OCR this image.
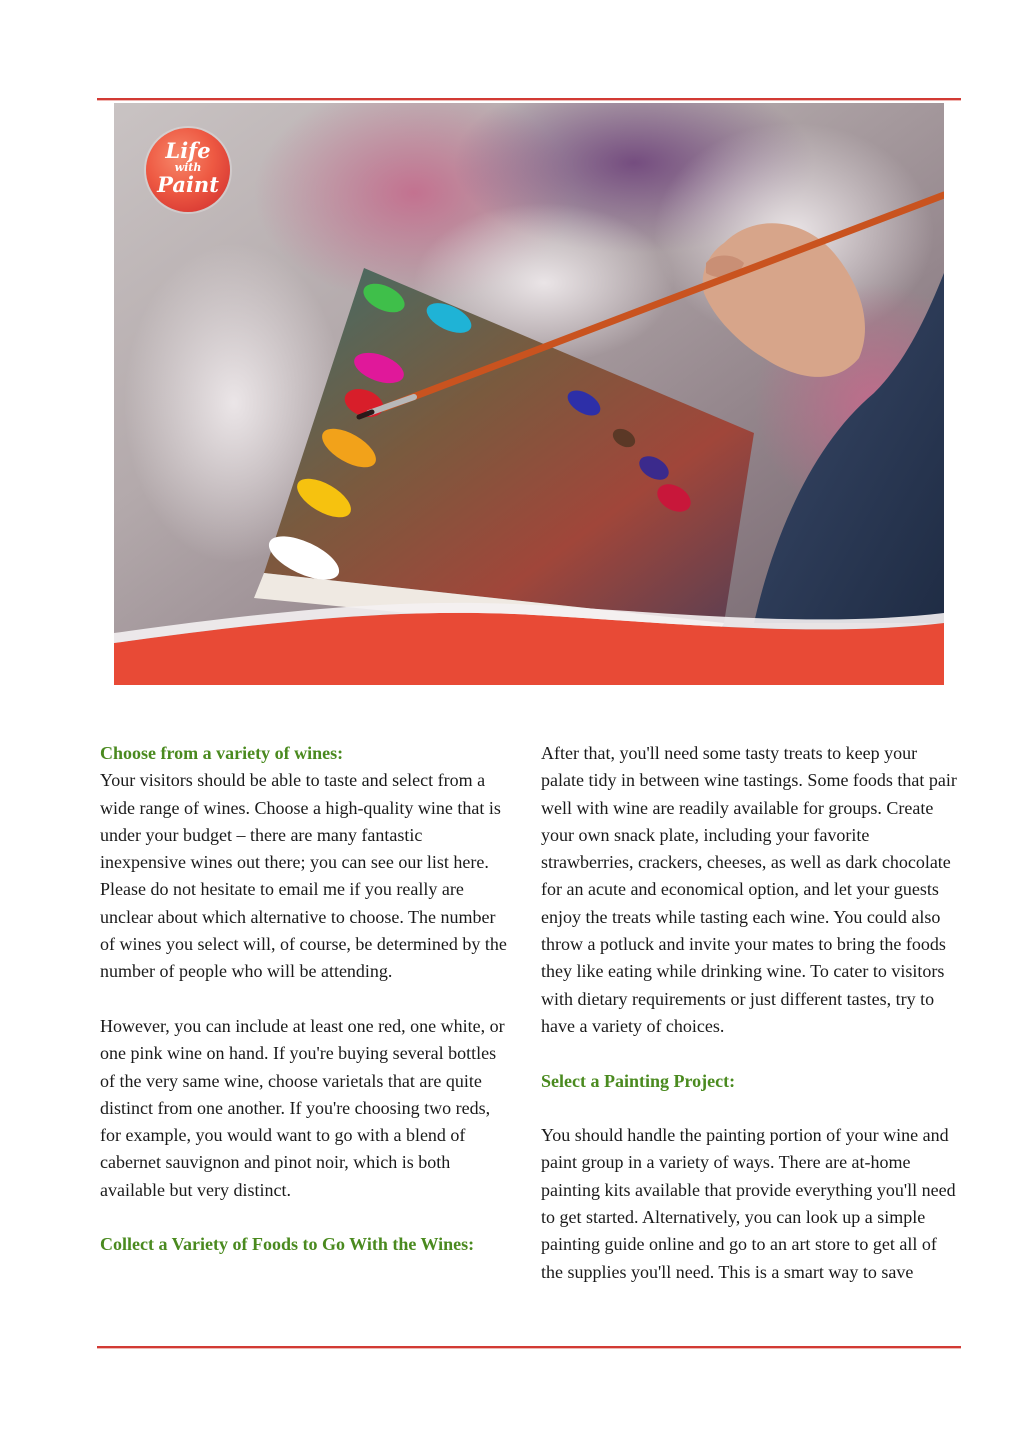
Life
with
Paint

Choose from a variety of wines:

Your visitors should be able to taste and select from a wide range of wines. Choose a high-quality wine that is under your budget – there are many fantastic inexpensive wines out there; you can see our list here. Please do not hesitate to email me if you really are unclear about which alternative to choose. The number of wines you select will, of course, be determined by the number of people who will be attending.

However, you can include at least one red, one white, or one pink wine on hand. If you're buying several bottles of the very same wine, choose varietals that are quite distinct from one another. If you're choosing two reds, for example, you would want to go with a blend of cabernet sauvignon and pinot noir, which is both available but very distinct.

Collect a Variety of Foods to Go With the Wines:

After that, you'll need some tasty treats to keep your palate tidy in between wine tastings. Some foods that pair well with wine are readily available for groups. Create your own snack plate, including your favorite strawberries, crackers, cheeses, as well as dark chocolate for an acute and economical option, and let your guests enjoy the treats while tasting each wine. You could also throw a potluck and invite your mates to bring the foods they like eating while drinking wine. To cater to visitors with dietary requirements or just different tastes, try to have a variety of choices.

Select a Painting Project:

You should handle the painting portion of your wine and paint group in a variety of ways. There are at-home painting kits available that provide everything you'll need to get started. Alternatively, you can look up a simple painting guide online and go to an art store to get all of the supplies you'll need. This is a smart way to save
